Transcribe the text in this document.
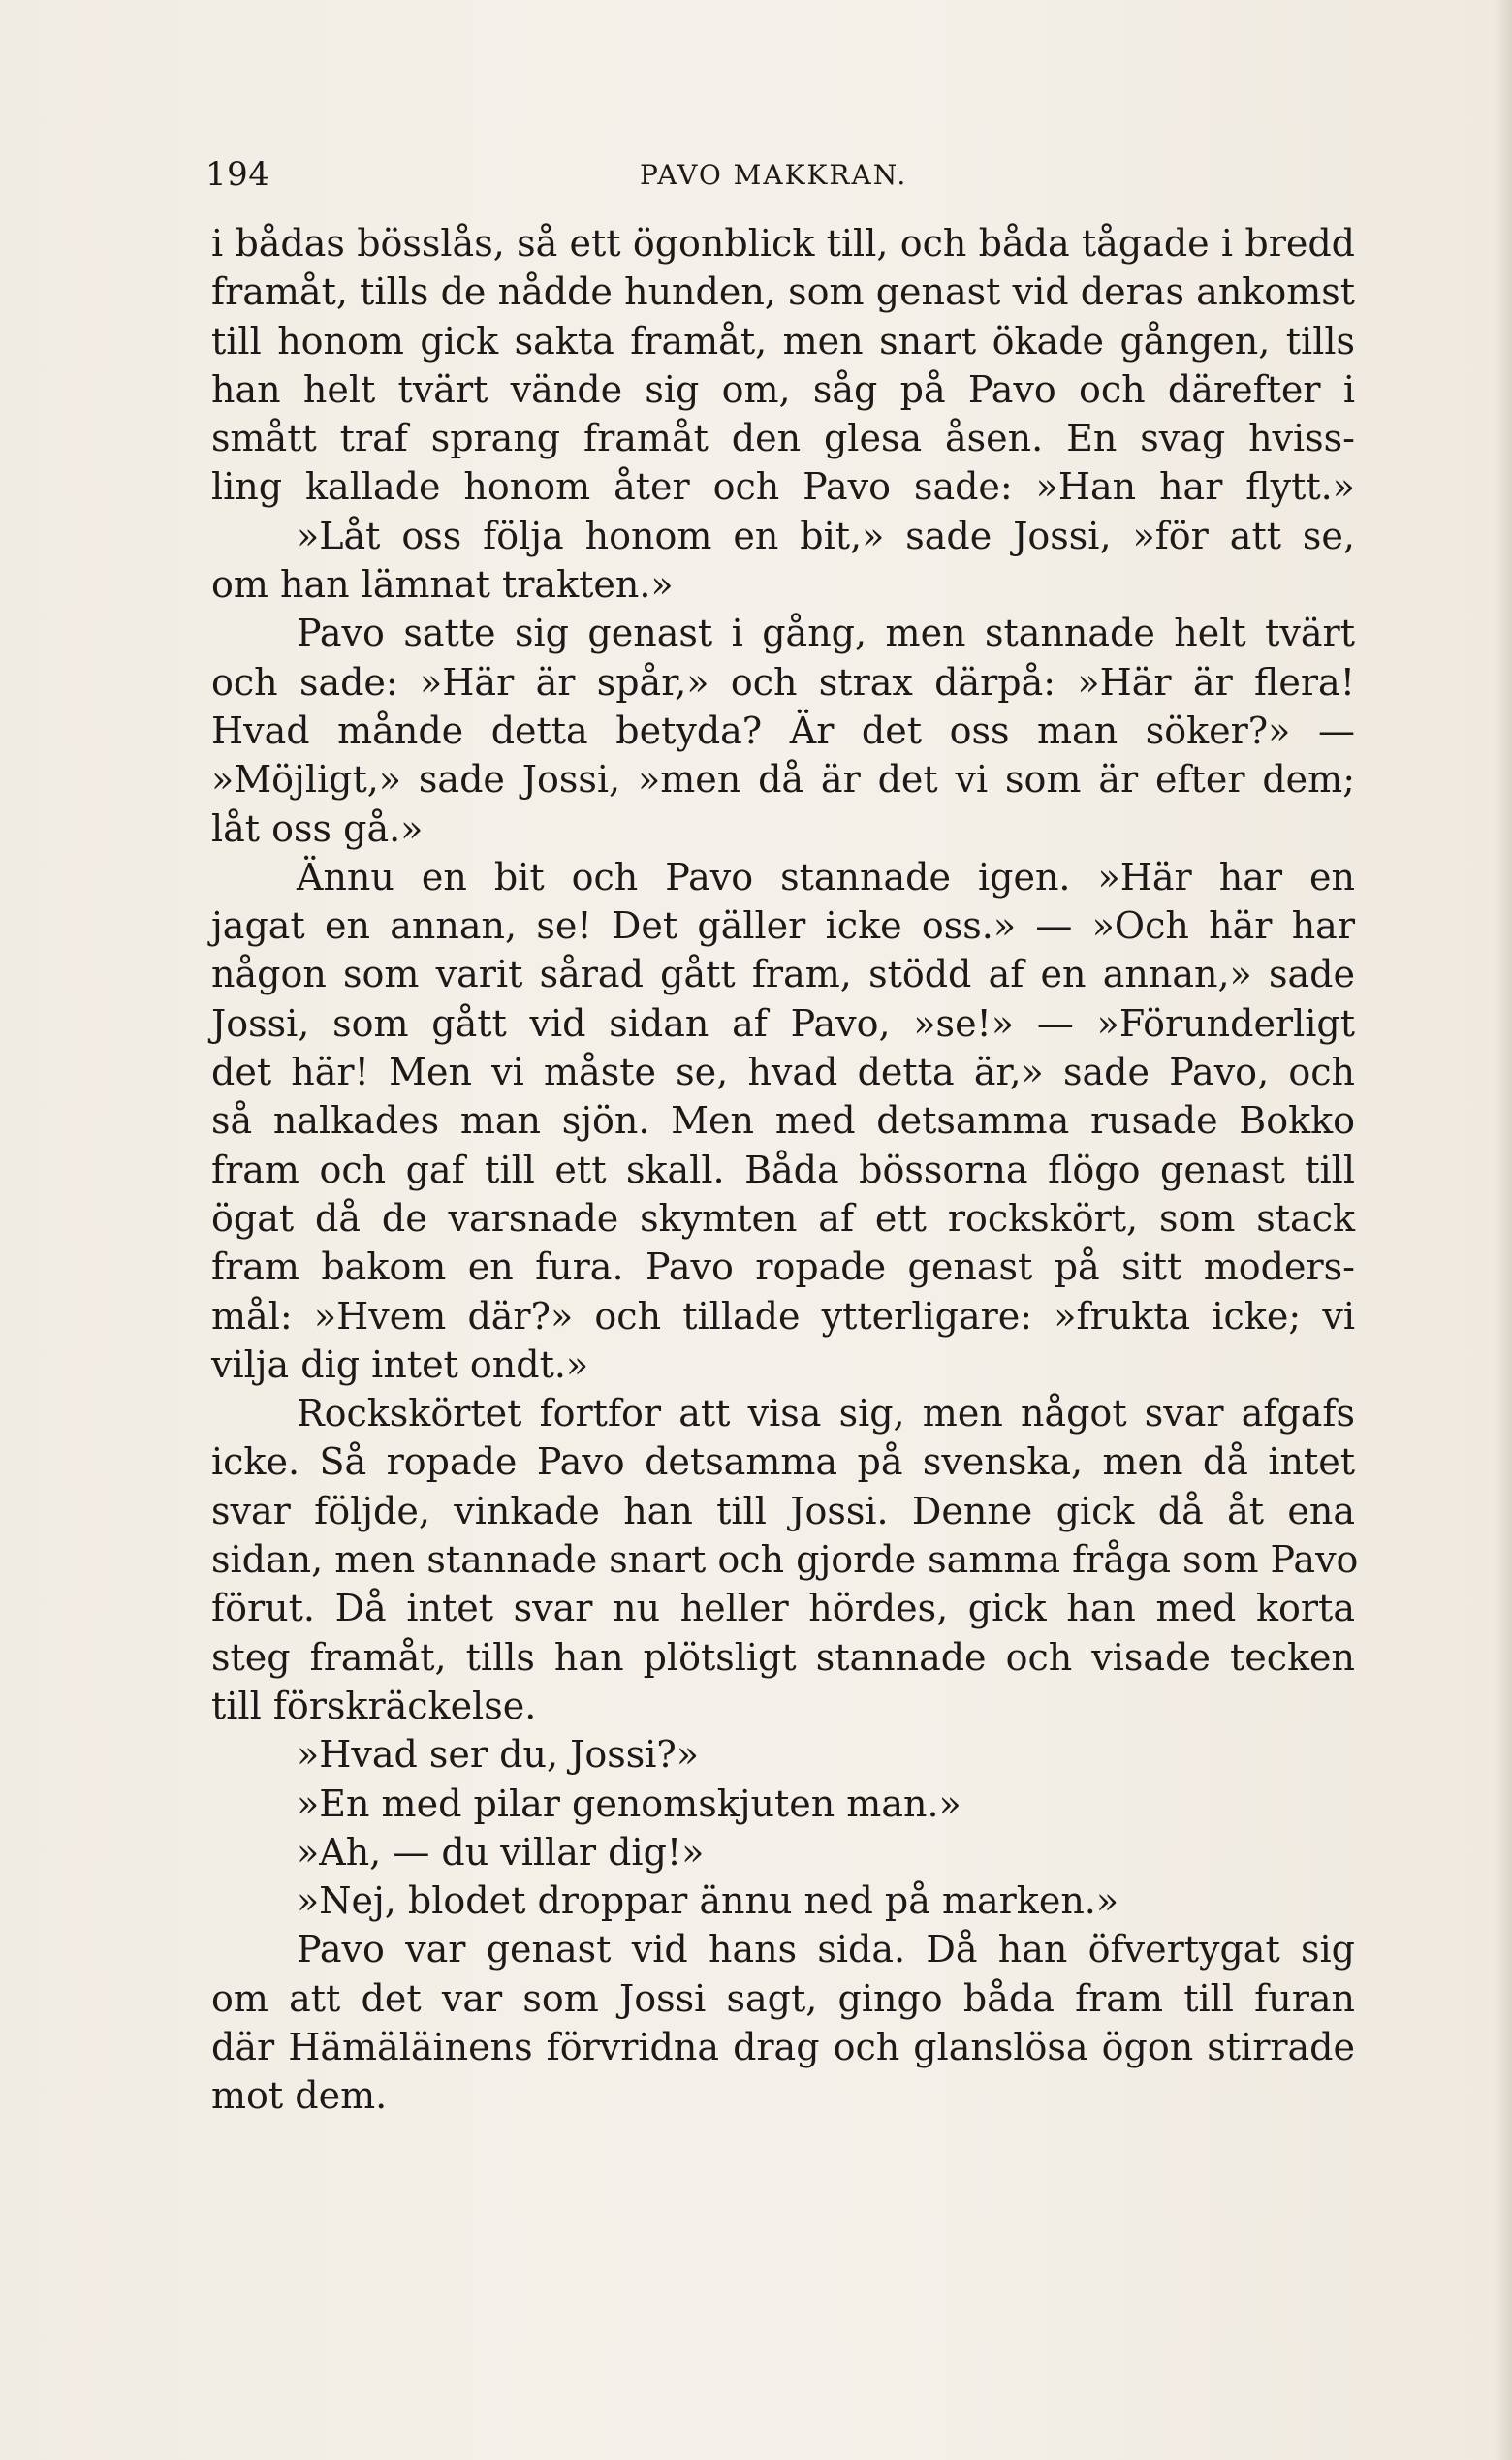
194	PAVO MAKKRAN.
i bådas bösslås, så ett ögonblick till, och båda tågade i bredd
framåt, tills de nådde hunden, som genast vid deras ankomst
till honom gick sakta framåt, men snart ökade gången, tills
han helt tvärt vände sig om, såg på Pavo och därefter i
smått traf sprang framåt den glesa åsen. En svag hviss-
ling kallade honom åter och Pavo sade: »Han har flytt.»
»Låt oss följa honom en bit,» sade Jossi, »för att se,
om han lämnat trakten.»
Pavo satte sig genast i gång, men stannade helt tvärt
och sade: »Här är spår,» och strax därpå: »Här är flera!
Hvad månde detta betyda? Är det oss man söker?» —
»Möjligt,» sade Jossi, »men då är det vi som är efter dem;
låt oss gå.»
Ännu en bit och Pavo stannade igen. »Här har en
jagat en annan, se! Det gäller icke oss.» — »Och här har
någon som varit sårad gått fram, stödd af en annan,» sade
Jossi, som gått vid sidan af Pavo, »se!» — »Förunderligt
det här! Men vi måste se, hvad detta är,» sade Pavo, och
så nalkades man sjön. Men med detsamma rusade Bokko
fram och gaf till ett skall. Båda bössorna flögo genast till
ögat då de varsnade skymten af ett rockskört, som stack
fram bakom en fura. Pavo ropade genast på sitt moders-
mål: »Hvem där?» och tillade ytterligare: »frukta icke; vi
vilja dig intet ondt.»
Rockskörtet fortfor att visa sig, men något svar afgafs
icke. Så ropade Pavo detsamma på svenska, men då intet
svar följde, vinkade han till Jossi. Denne gick då åt ena
sidan, men stannade snart och gjorde samma fråga som Pavo
förut. Då intet svar nu heller hördes, gick han med korta
steg framåt, tills han plötsligt stannade och visade tecken
till förskräckelse.
»Hvad ser du, Jossi?»
»En med pilar genomskjuten man.»
»Ah, — du villar dig!»
»Nej, blodet droppar ännu ned på marken.»
Pavo var genast vid hans sida. Då han öfvertygat sig
om att det var som Jossi sagt, gingo båda fram till furan
där Hämäläinens förvridna drag och glanslösa ögon stirrade
mot dem.
